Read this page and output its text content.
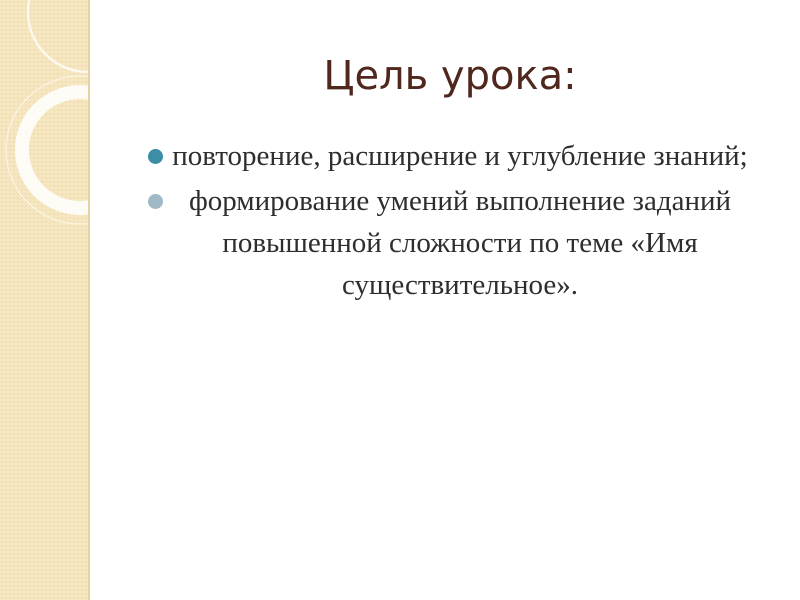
Цель урока:
повторение, расширение и углубление знаний;
формирование умений выполнение заданий повышенной сложности по теме «Имя существительное».
